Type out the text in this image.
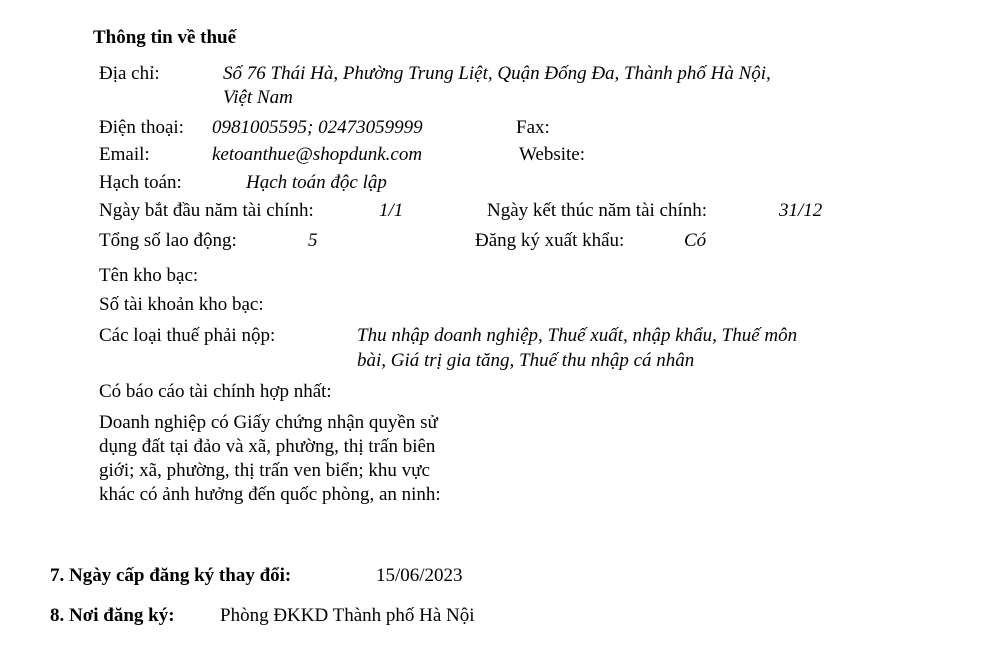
Thông tin về thuế
Địa chỉ:	Số 76 Thái Hà, Phường Trung Liệt, Quận Đống Đa, Thành phố Hà Nội,
Việt Nam
Điện thoại: 0981005595; 02473059999	Fax:
Email:	ketoanthue@shopdunk.com	Website:
Hạch toán:	Hạch toán độc lập
Ngày bắt đầu năm tài chính:	1/1	Ngày kết thúc năm tài chính:	31/12
Tổng số lao động:	5	Đăng ký xuất khẩu:	Có
Tên kho bạc:
Số tài khoản kho bạc:
Các loại thuế phải nộp:	Thu nhập doanh nghiệp, Thuế xuất, nhập khẩu, Thuế môn
bài, Giá trị gia tăng, Thuế thu nhập cá nhân
Có báo cáo tài chính hợp nhất:
Doanh nghiệp có Giấy chứng nhận quyền sử
dụng đất tại đảo và xã, phường, thị trấn biên
giới; xã, phường, thị trấn ven biển; khu vực
khác có ảnh hưởng đến quốc phòng, an ninh:
7. Ngày cấp đăng ký thay đổi:	15/06/2023
8. Nơi đăng ký: Phòng ĐKKD Thành phố Hà Nội
